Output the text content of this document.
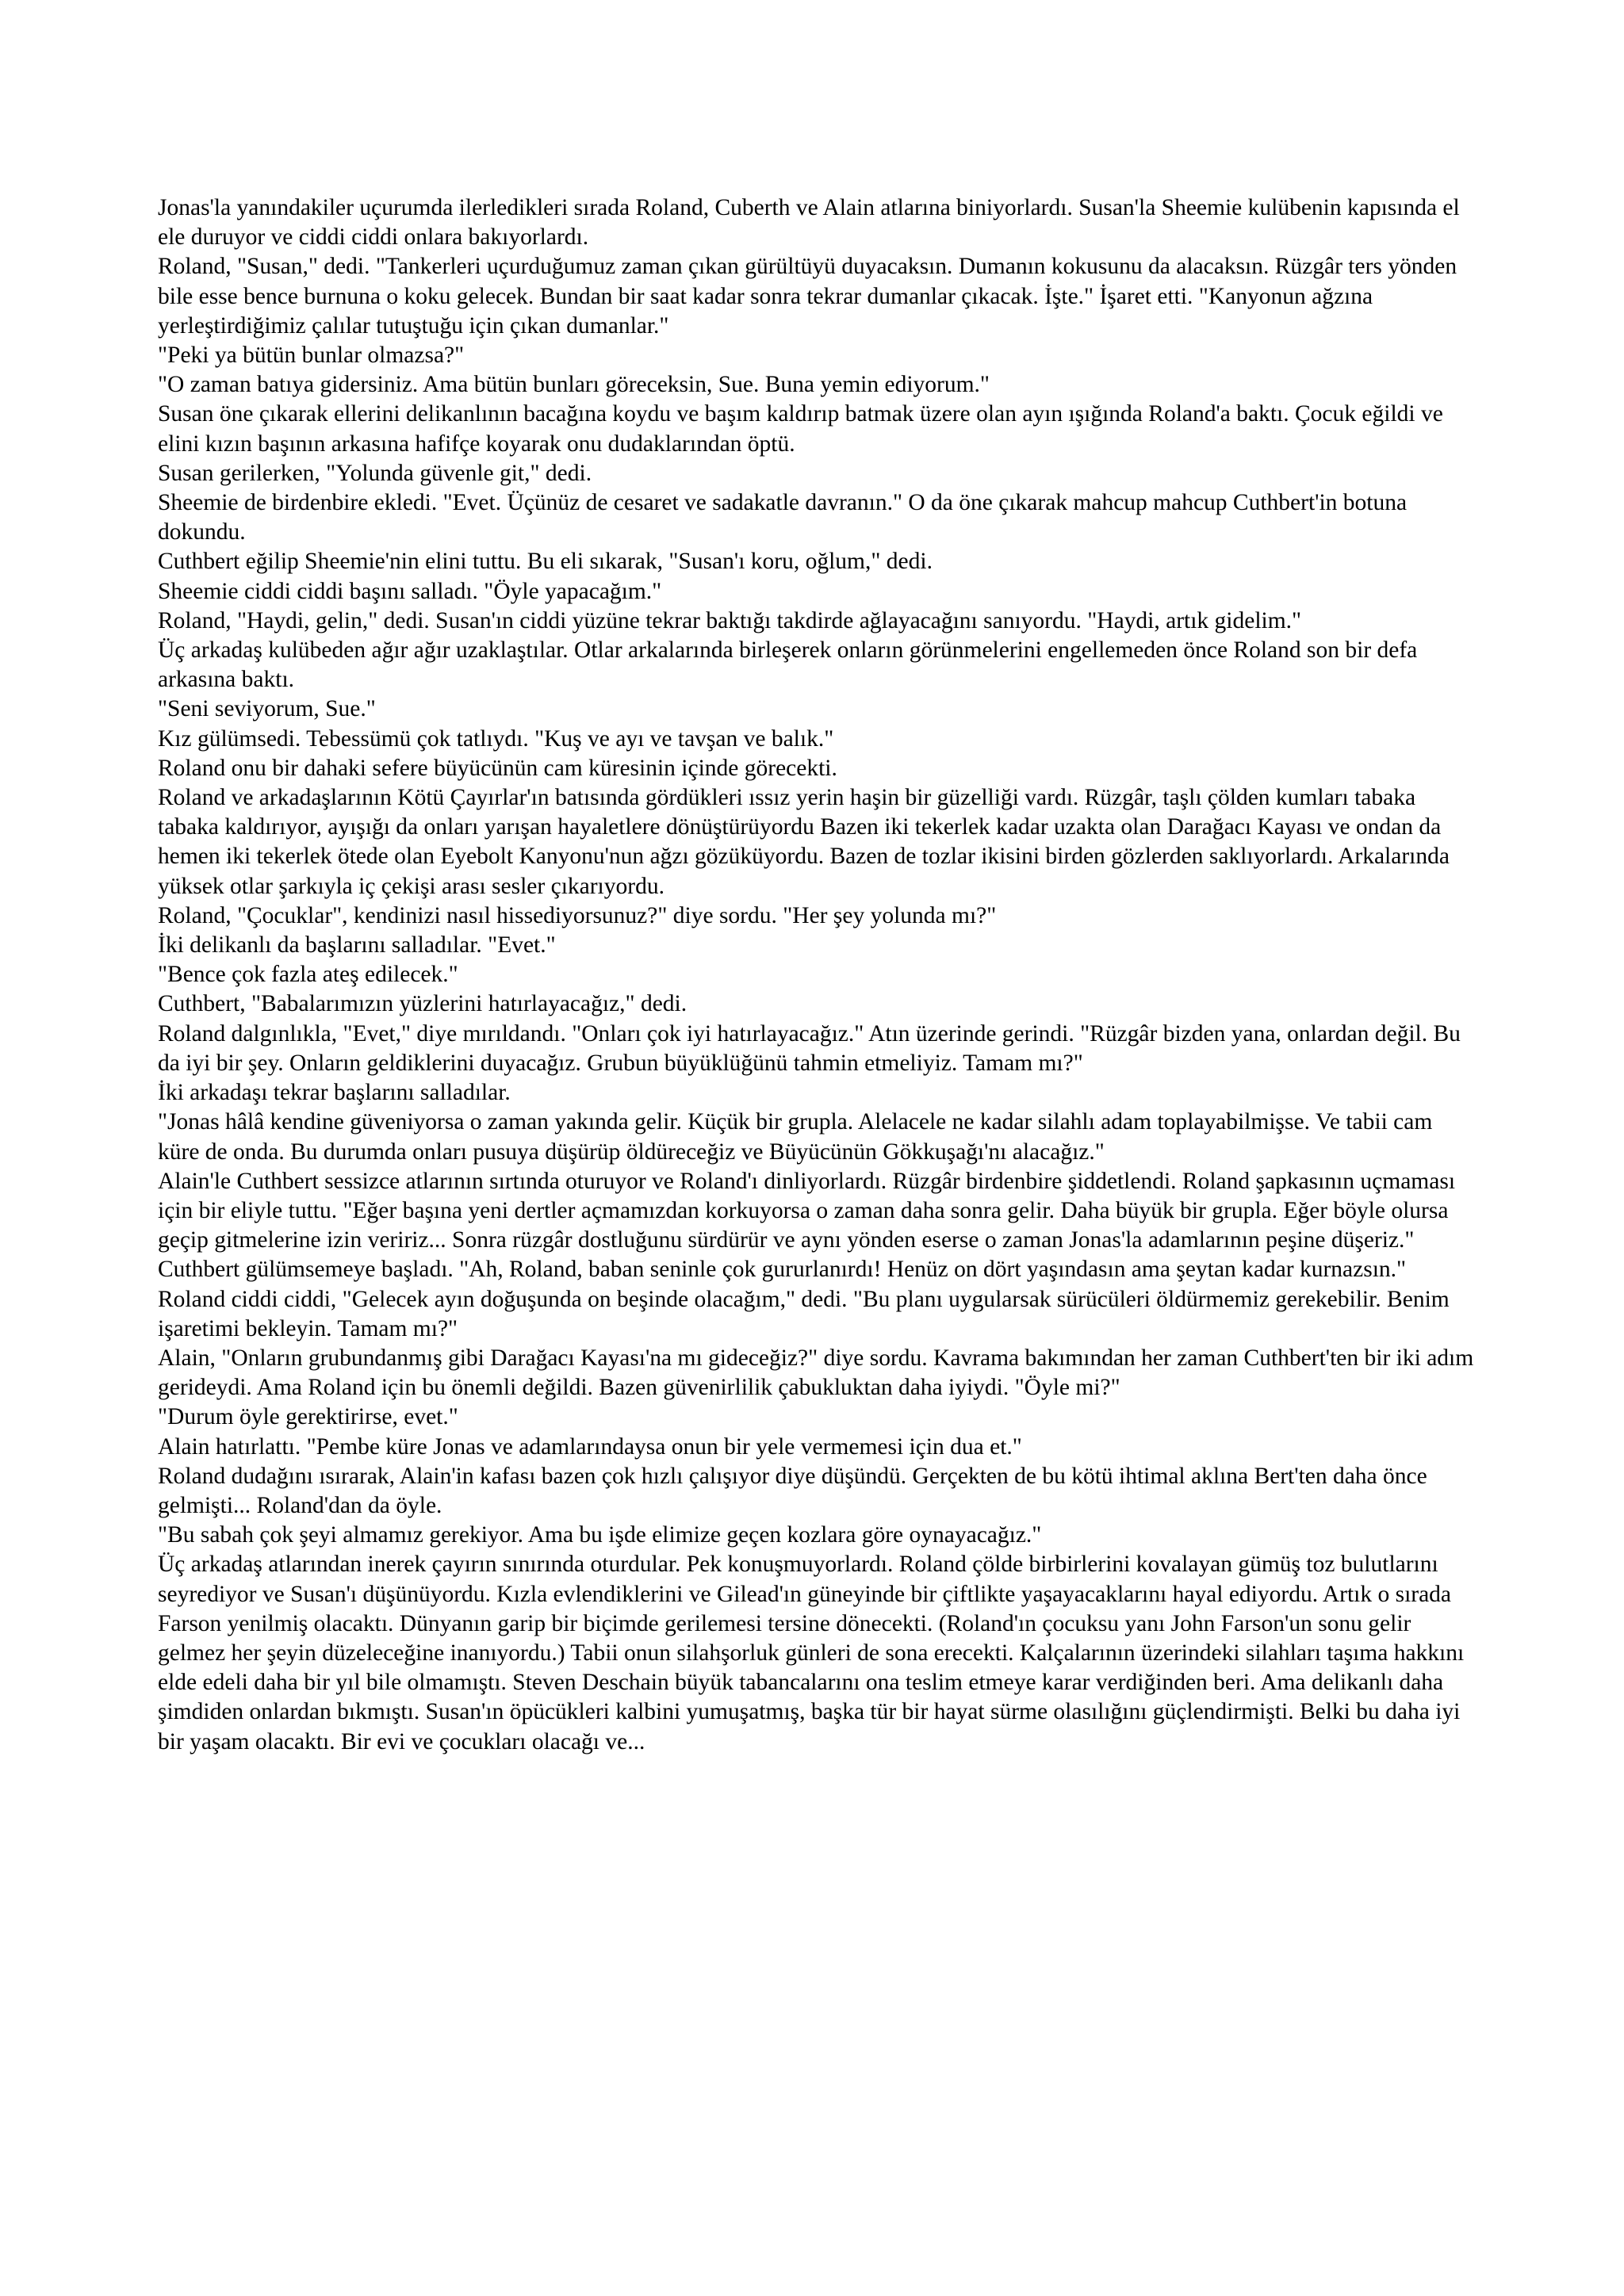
Jonas'la yanındakiler uçurumda ilerledikleri sırada Roland, Cuberth ve Alain atlarına biniyorlardı. Susan'la Sheemie kulübenin kapısında el ele duruyor ve ciddi ciddi onlara bakıyorlardı.

Roland, "Susan," dedi. "Tankerleri uçurduğumuz zaman çıkan gürültüyü duyacaksın. Dumanın kokusunu da alacaksın. Rüzgâr ters yönden bile esse bence burnuna o koku gelecek. Bundan bir saat kadar sonra tekrar dumanlar çıkacak. İşte." İşaret etti. "Kanyonun ağzına yerleştirdiğimiz çalılar tutuştuğu için çıkan dumanlar."

"Peki ya bütün bunlar olmazsa?"

"O zaman batıya gidersiniz. Ama bütün bunları göreceksin, Sue. Buna yemin ediyorum."

Susan öne çıkarak ellerini delikanlının bacağına koydu ve başım kaldırıp batmak üzere olan ayın ışığında Roland'a baktı. Çocuk eğildi ve elini kızın başının arkasına hafifçe koyarak onu dudaklarından öptü.

Susan gerilerken, "Yolunda güvenle git," dedi.

Sheemie de birdenbire ekledi. "Evet. Üçünüz de cesaret ve sadakatle davranın." O da öne çıkarak mahcup mahcup Cuthbert'in botuna dokundu.

Cuthbert eğilip Sheemie'nin elini tuttu. Bu eli sıkarak, "Susan'ı koru, oğlum," dedi.

Sheemie ciddi ciddi başını salladı. "Öyle yapacağım."

Roland, "Haydi, gelin," dedi. Susan'ın ciddi yüzüne tekrar baktığı takdirde ağlayacağını sanıyordu. "Haydi, artık gidelim."

Üç arkadaş kulübeden ağır ağır uzaklaştılar. Otlar arkalarında birleşerek onların görünmelerini engellemeden önce Roland son bir defa arkasına baktı.

"Seni seviyorum, Sue."

Kız gülümsedi. Tebessümü çok tatlıydı. "Kuş ve ayı ve tavşan ve balık."

Roland onu bir dahaki sefere büyücünün cam küresinin içinde görecekti.

Roland ve arkadaşlarının Kötü Çayırlar'ın batısında gördükleri ıssız yerin haşin bir güzelliği vardı. Rüzgâr, taşlı çölden kumları tabaka tabaka kaldırıyor, ayışığı da onları yarışan hayaletlere dönüştürüyordu Bazen iki tekerlek kadar uzakta olan Darağacı Kayası ve ondan da hemen iki tekerlek ötede olan Eyebolt Kanyonu'nun ağzı gözüküyordu. Bazen de tozlar ikisini birden gözlerden saklıyorlardı. Arkalarında yüksek otlar şarkıyla iç çekişi arası sesler çıkarıyordu.

Roland, "Çocuklar", kendinizi nasıl hissediyorsunuz?" diye sordu. "Her şey yolunda mı?"

İki delikanlı da başlarını salladılar. "Evet."

"Bence çok fazla ateş edilecek."

Cuthbert, "Babalarımızın yüzlerini hatırlayacağız," dedi.

Roland dalgınlıkla, "Evet," diye mırıldandı. "Onları çok iyi hatırlayacağız." Atın üzerinde gerindi. "Rüzgâr bizden yana, onlardan değil. Bu da iyi bir şey. Onların geldiklerini duyacağız. Grubun büyüklüğünü tahmin etmeliyiz. Tamam mı?"

İki arkadaşı tekrar başlarını salladılar.

"Jonas hâlâ kendine güveniyorsa o zaman yakında gelir. Küçük bir grupla. Alelacele ne kadar silahlı adam toplayabilmişse. Ve tabii cam küre de onda. Bu durumda onları pusuya düşürüp öldüreceğiz ve Büyücünün Gökkuşağı'nı alacağız."

Alain'le Cuthbert sessizce atlarının sırtında oturuyor ve Roland'ı dinliyorlardı. Rüzgâr birdenbire şiddetlendi. Roland şapkasının uçmaması için bir eliyle tuttu. "Eğer başına yeni dertler açmamızdan korkuyorsa o zaman daha sonra gelir. Daha büyük bir grupla. Eğer böyle olursa geçip gitmelerine izin veririz... Sonra rüzgâr dostluğunu sürdürür ve aynı yönden eserse o zaman Jonas'la adamlarının peşine düşeriz."

Cuthbert gülümsemeye başladı. "Ah, Roland, baban seninle çok gururlanırdı! Henüz on dört yaşındasın ama şeytan kadar kurnazsın."

Roland ciddi ciddi, "Gelecek ayın doğuşunda on beşinde olacağım," dedi. "Bu planı uygularsak sürücüleri öldürmemiz gerekebilir. Benim işaretimi bekleyin. Tamam mı?"

Alain, "Onların grubundanmış gibi Darağacı Kayası'na mı gideceğiz?" diye sordu. Kavrama bakımından her zaman Cuthbert'ten bir iki adım gerideydi. Ama Roland için bu önemli değildi. Bazen güvenirlilik çabukluktan daha iyiydi. "Öyle mi?"

"Durum öyle gerektirirse, evet."

Alain hatırlattı. "Pembe küre Jonas ve adamlarındaysa onun bir yele vermemesi için dua et."

Roland dudağını ısırarak, Alain'in kafası bazen çok hızlı çalışıyor diye düşündü. Gerçekten de bu kötü ihtimal aklına Bert'ten daha önce gelmişti... Roland'dan da öyle.

"Bu sabah çok şeyi almamız gerekiyor. Ama bu işde elimize geçen kozlara göre oynayacağız."

Üç arkadaş atlarından inerek çayırın sınırında oturdular. Pek konuşmuyorlardı. Roland çölde birbirlerini kovalayan gümüş toz bulutlarını seyrediyor ve Susan'ı düşünüyordu. Kızla evlendiklerini ve Gilead'ın güneyinde bir çiftlikte yaşayacaklarını hayal ediyordu. Artık o sırada Farson yenilmiş olacaktı. Dünyanın garip bir biçimde gerilemesi tersine dönecekti. (Roland'ın çocuksu yanı John Farson'un sonu gelir gelmez her şeyin düzeleceğine inanıyordu.) Tabii onun silahşorluk günleri de sona erecekti. Kalçalarının üzerindeki silahları taşıma hakkını elde edeli daha bir yıl bile olmamıştı. Steven Deschain büyük tabancalarını ona teslim etmeye karar verdiğinden beri. Ama delikanlı daha şimdiden onlardan bıkmıştı. Susan'ın öpücükleri kalbini yumuşatmış, başka tür bir hayat sürme olasılığını güçlendirmişti. Belki bu daha iyi bir yaşam olacaktı. Bir evi ve çocukları olacağı ve...
